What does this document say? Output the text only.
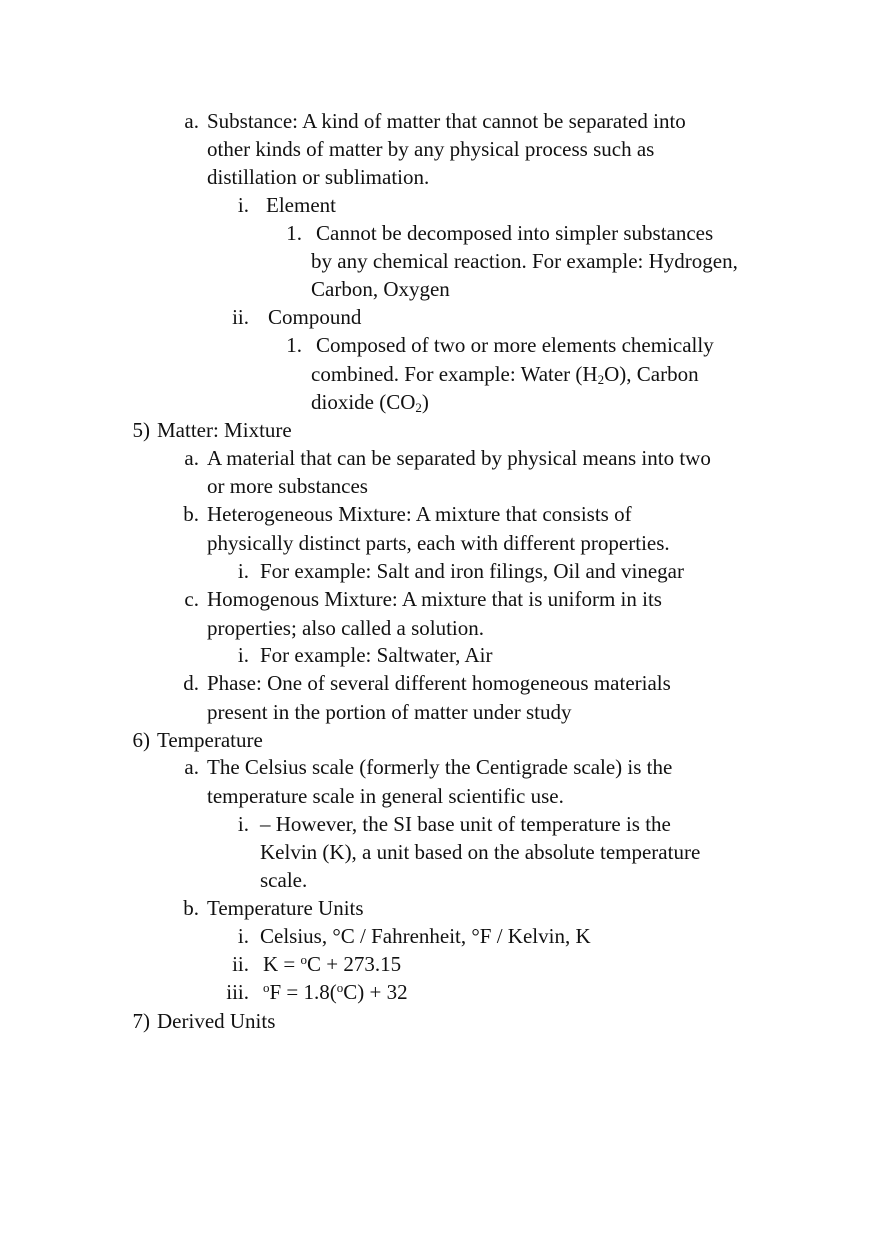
a. Substance: A kind of matter that cannot be separated into
other kinds of matter by any physical process such as
distillation or sublimation.
i. Element
1. Cannot be decomposed into simpler substances
by any chemical reaction. For example: Hydrogen,
Carbon, Oxygen
ii. Compound
1. Composed of two or more elements chemically
combined. For example: Water $(H_2O)$, Carbon
dioxide $(CO_2)$
5) Matter: Mixture
a. A material that can be separated by physical means into two
or more substances
b. Heterogeneous Mixture: A mixture that consists of
physically distinct parts, each with different properties.
i. For example: Salt and iron filings, Oil and vinegar
c. Homogenous Mixture: A mixture that is uniform in its
properties; also called a solution.
i. For example: Saltwater, Air
d. Phase: One of several different homogeneous materials
present in the portion of matter under study
6) Temperature
a. The Celsius scale (formerly the Centigrade scale) is the
temperature scale in general scientific use.
i. – However, the SI base unit of temperature is the
Kelvin (K), a unit based on the absolute temperature
scale.
b. Temperature Units
i. Celsius, °C / Fahrenheit, °F / Kelvin, K
ii. K = $^o$C + 273.15
iii. $^o$F = 1.8($^o$C) + 32
7) Derived Units
